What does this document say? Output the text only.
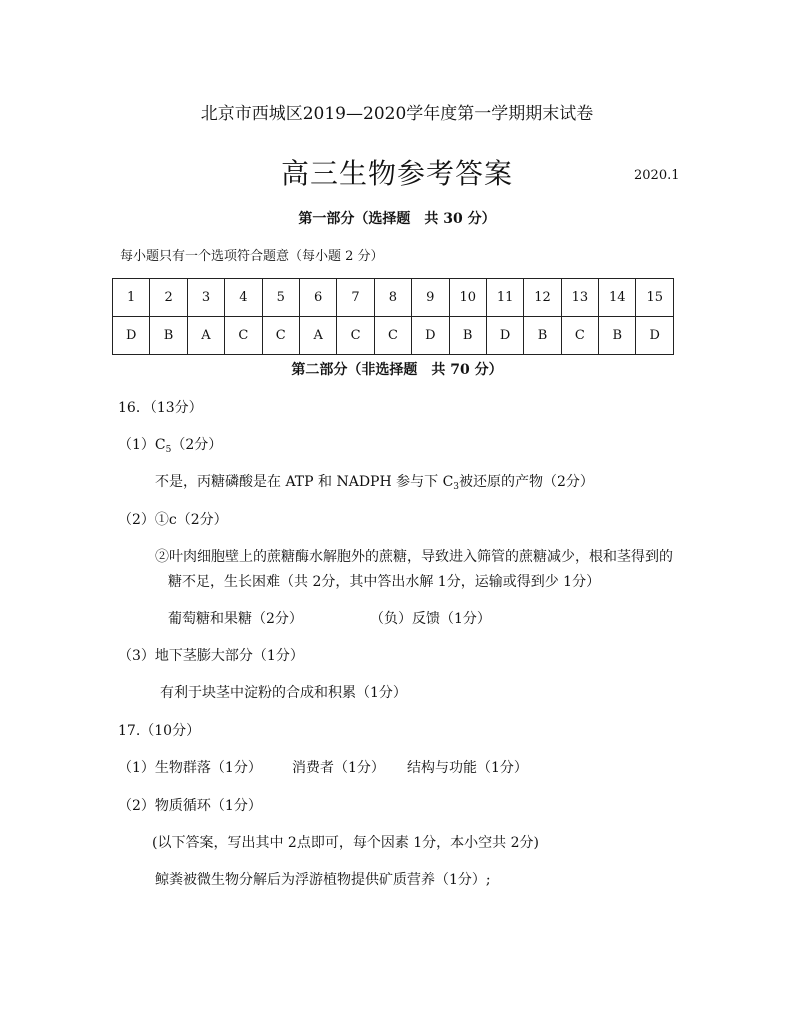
北京市西城区2019—2020学年度第一学期期末试卷
高三生物参考答案	2020.1
第一部分（选择题　共 30 分）
每小题只有一个选项符合题意（每小题 2 分）
1	2	3	4	5	6	7	8	9	10	11	12	13	14	15
D	B	A	C	C	A	C	C	D	B	D	B	C	B	D
第二部分（非选择题　共 70 分）
16．（13分）
$(1)C_5(2$分）
不是，丙糖磷酸是在 ATP 和 NADPH 参与下 $C_3$被还原的产物（2分）
（2）①c（2分）
②叶肉细胞壁上的蔗糖酶水解胞外的蔗糖，导致进入筛管的蔗糖减少，根和茎得到的
糖不足，生长困难（共 2分，其中答出水解 1分，运输或得到少 1分）
葡萄糖和果糖（2分）	（负）反馈（1分）
（3）地下茎膨大部分（1分）
有利于块茎中淀粉的合成和积累（1分）
17.（10分）
（1）生物群落（1分） 消费者（1分） 结构与功能（1分）
（2）物质循环（1分）
(以下答案，写出其中 2点即可，每个因素 1分，本小空共 2分)
鲸粪被微生物分解后为浮游植物提供矿质营养（1分）;
